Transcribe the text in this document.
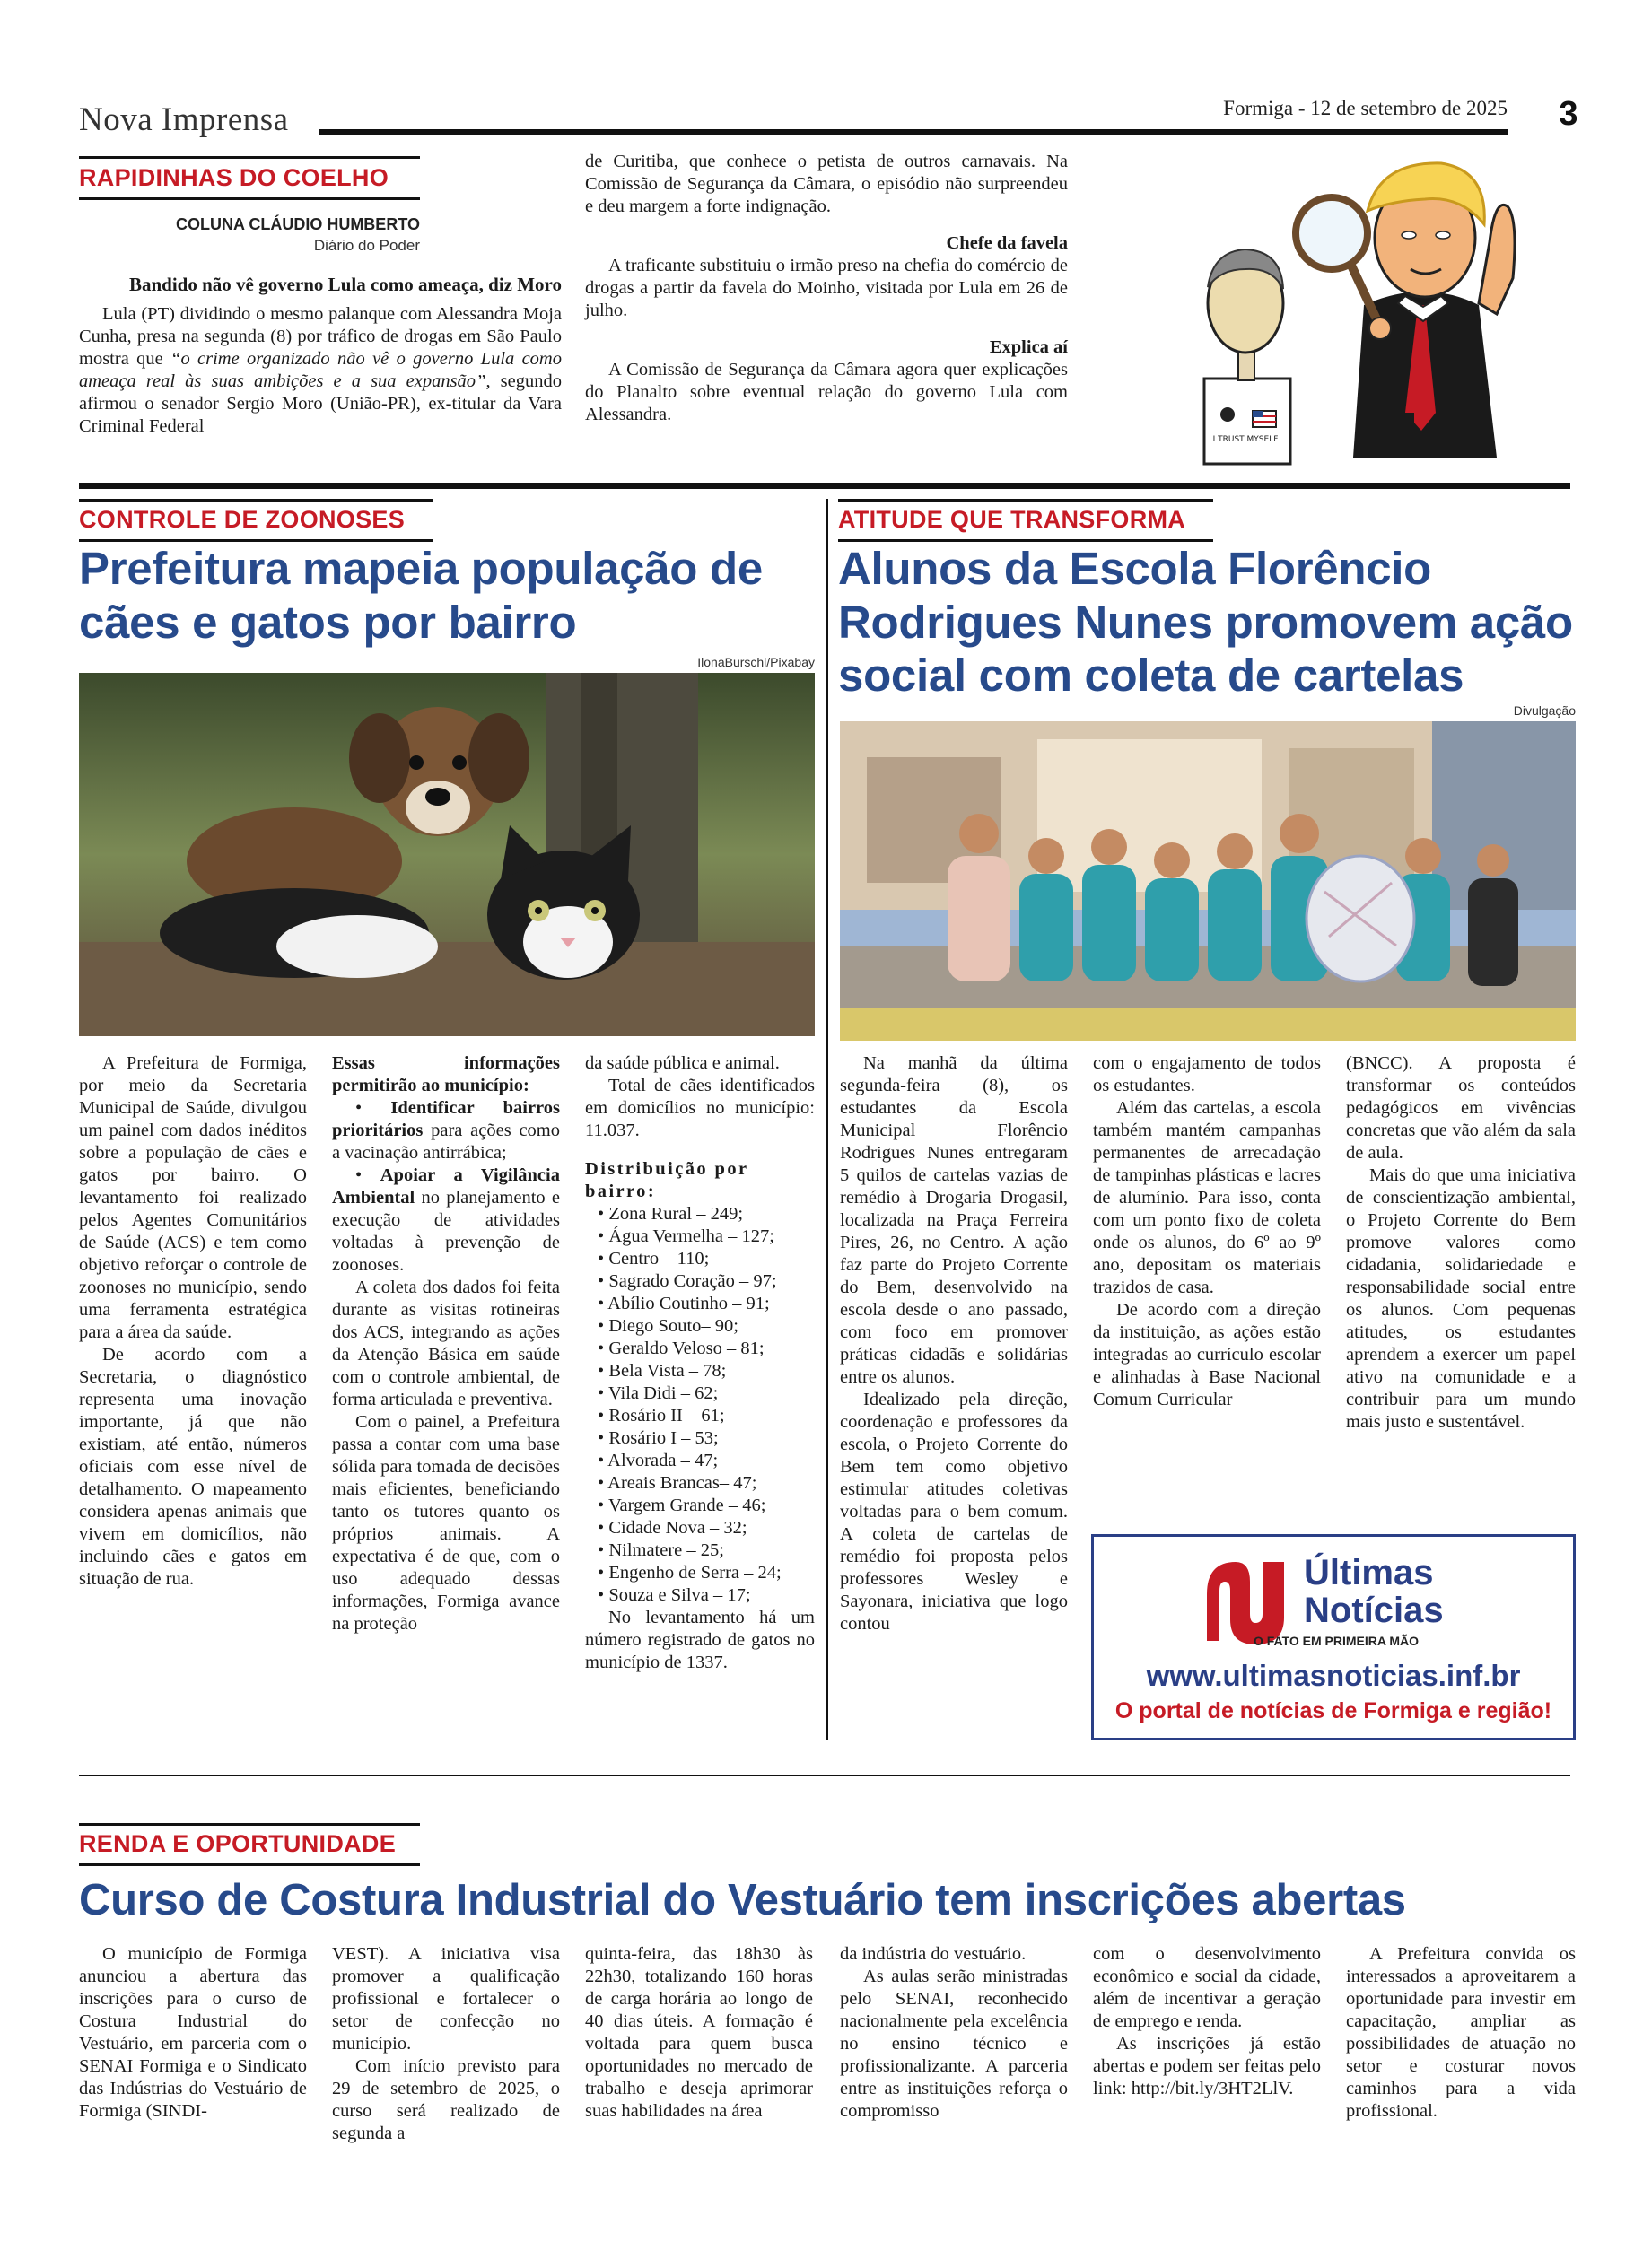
Nova Imprensa	Formiga - 12 de setembro de 2025	3
RAPIDINHAS DO COELHO
COLUNA CLÁUDIO HUMBERTO
Diário do Poder

Bandido não vê governo Lula como ameaça, diz Moro

Lula (PT) dividindo o mesmo palanque com Alessandra Moja Cunha, presa na segunda (8) por tráfico de drogas em São Paulo mostra que “o crime organizado não vê o governo Lula como ameaça real às suas ambições e a sua expansão”, segundo afirmou o senador Sergio Moro (União-PR), ex-titular da Vara Criminal Federal

de Curitiba, que conhece o petista de outros carnavais. Na Comissão de Segurança da Câmara, o episódio não surpreendeu e deu margem a forte indignação.

Chefe da favela

A traficante substituiu o irmão preso na chefia do comércio de drogas a partir da favela do Moinho, visitada por Lula em 26 de julho.

Explica aí

A Comissão de Segurança da Câmara agora quer explicações do Planalto sobre eventual relação do governo Lula com Alessandra.

I TRUST MYSELF
CONTROLE DE ZOONOSES
Prefeitura mapeia população de cães e gatos por bairro
IlonaBurschl/Pixabay

A Prefeitura de Formiga, por meio da Secretaria Municipal de Saúde, divulgou um painel com dados inéditos sobre a população de cães e gatos por bairro. O levantamento foi realizado pelos Agentes Comunitários de Saúde (ACS) e tem como objetivo reforçar o controle de zoonoses no município, sendo uma ferramenta estratégica para a área da saúde.

De acordo com a Secretaria, o diagnóstico representa uma inovação importante, já que não existiam, até então, números oficiais com esse nível de detalhamento. O mapeamento considera apenas animais que vivem em domicílios, não incluindo cães e gatos em situação de rua.

Essas informações permitirão ao município:

• Identificar bairros prioritários para ações como a vacinação antirrábica;

• Apoiar a Vigilância Ambiental no planejamento e execução de atividades voltadas à prevenção de zoonoses.

A coleta dos dados foi feita durante as visitas rotineiras dos ACS, integrando as ações da Atenção Básica em saúde com o controle ambiental, de forma articulada e preventiva.

Com o painel, a Prefeitura passa a contar com uma base sólida para tomada de decisões mais eficientes, beneficiando tanto os tutores quanto os próprios animais. A expectativa é de que, com o uso adequado dessas informações, Formiga avance na proteção

da saúde pública e animal.

Total de cães identificados em domicílios no município: 11.037.

Distribuição por bairro:

• Zona Rural – 249;
• Água Vermelha – 127;
• Centro – 110;
• Sagrado Coração – 97;
• Abílio Coutinho – 91;
• Diego Souto– 90;
• Geraldo Veloso – 81;
• Bela Vista – 78;
• Vila Didi – 62;
• Rosário II – 61;
• Rosário I – 53;
• Alvorada – 47;
• Areais Brancas– 47;
• Vargem Grande – 46;
• Cidade Nova – 32;
• Nilmatere – 25;
• Engenho de Serra – 24;
• Souza e Silva – 17;

No levantamento há um número registrado de gatos no município de 1337.

ATITUDE QUE TRANSFORMA
Alunos da Escola Florêncio Rodrigues Nunes promovem ação social com coleta de cartelas
Divulgação

Na manhã da última segunda-feira (8), os estudantes da Escola Municipal Florêncio Rodrigues Nunes entregaram 5 quilos de cartelas vazias de remédio à Drogaria Drogasil, localizada na Praça Ferreira Pires, 26, no Centro. A ação faz parte do Projeto Corrente do Bem, desenvolvido na escola desde o ano passado, com foco em promover práticas cidadãs e solidárias entre os alunos.

Idealizado pela direção, coordenação e professores da escola, o Projeto Corrente do Bem tem como objetivo estimular atitudes coletivas voltadas para o bem comum. A coleta de cartelas de remédio foi proposta pelos professores Wesley e Sayonara, iniciativa que logo contou

com o engajamento de todos os estudantes.

Além das cartelas, a escola também mantém campanhas permanentes de arrecadação de tampinhas plásticas e lacres de alumínio. Para isso, conta com um ponto fixo de coleta onde os alunos, do 6º ao 9º ano, depositam os materiais trazidos de casa.

De acordo com a direção da instituição, as ações estão integradas ao currículo escolar e alinhadas à Base Nacional Comum Curricular

(BNCC). A proposta é transformar os conteúdos pedagógicos em vivências concretas que vão além da sala de aula.

Mais do que uma iniciativa de conscientização ambiental, o Projeto Corrente do Bem promove valores como cidadania, solidariedade e responsabilidade social entre os alunos. Com pequenas atitudes, os estudantes aprendem a exercer um papel ativo na comunidade e a contribuir para um mundo mais justo e sustentável.

Últimas
Notícias
O FATO EM PRIMEIRA MÃO
www.ultimasnoticias.inf.br
O portal de notícias de Formiga e região!
RENDA E OPORTUNIDADE
Curso de Costura Industrial do Vestuário tem inscrições abertas

O município de Formiga anunciou a abertura das inscrições para o curso de Costura Industrial do Vestuário, em parceria com o SENAI Formiga e o Sindicato das Indústrias do Vestuário de Formiga (SINDI-

VEST). A iniciativa visa promover a qualificação profissional e fortalecer o setor de confecção no município.

Com início previsto para 29 de setembro de 2025, o curso será realizado de segunda a

quinta-feira, das 18h30 às 22h30, totalizando 160 horas de carga horária ao longo de 40 dias úteis. A formação é voltada para quem busca oportunidades no mercado de trabalho e deseja aprimorar suas habilidades na área

da indústria do vestuário.

As aulas serão ministradas pelo SENAI, reconhecido nacionalmente pela excelência no ensino técnico e profissionalizante. A parceria entre as instituições reforça o compromisso

com o desenvolvimento econômico e social da cidade, além de incentivar a geração de emprego e renda.

As inscrições já estão abertas e podem ser feitas pelo link: http://bit.ly/3HT2LlV.

A Prefeitura convida os interessados a aproveitarem a oportunidade para investir em capacitação, ampliar as possibilidades de atuação no setor e costurar novos caminhos para a vida profissional.
